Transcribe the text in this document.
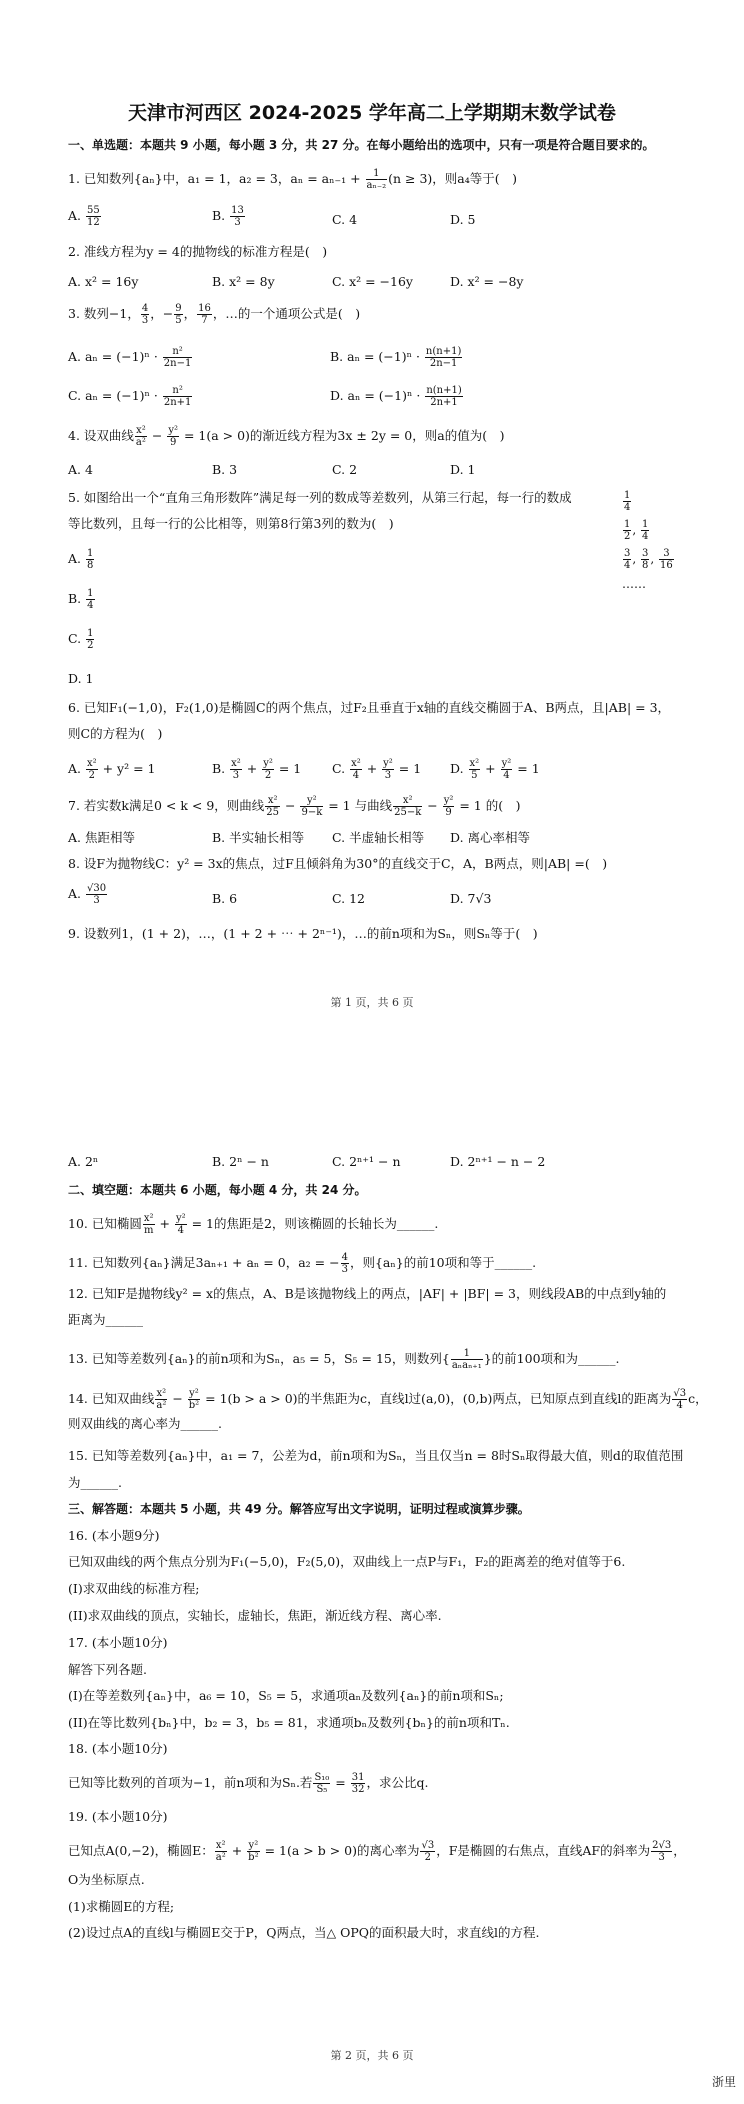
天津市河西区 2024-2025 学年高二上学期期末数学试卷
一、单选题：本题共 9 小题，每小题 3 分，共 27 分。在每小题给出的选项中，只有一项是符合题目要求的。
1. 已知数列{aₙ}中，a₁ = 1，a₂ = 3，$a_n = a_{n-1} + \frac{1}{\text{aₙ₋₂}} (n \ge 3)$，则a₄等于(　)
A. $\frac{55}{12}$	B. $\frac{13}{3}$	C. 4	D. 5
2. 准线方程为y = 4的抛物线的标准方程是(　)
A. x² = 16y	B. x² = 8y	C. x² = −16y	D. x² = −8y
3. 数列−1， $\frac{4}{3}$ ，− $\frac{9}{5}$ ， $\frac{16}{7}$ ，…的一个通项公式是(　)
A. $a_n = (-1)^n \cdot \frac{\text{n²}}{2n-1}$	B. $a_n = (-1)^n \cdot \frac{n(n+1)}{2n-1}$
C. $a_n = (-1)^n \cdot \frac{\text{n²}}{2n+1}$	D. $a_n = (-1)^n \cdot \frac{n(n+1)}{2n+1}$
4. 设双曲线 $\frac{\text{x²}}{\text{a²}} - \frac{\text{y²}}{9} = 1(a > 0)$的渐近线方程为3x ± 2y = 0，则a的值为(　)
A. 4	B. 3	C. 2	D. 1
5. 如图给出一个“直角三角形数阵”满足每一列的数成等差数列，从第三行起，每一行的数成
等比数列，且每一行的公比相等，则第8行第3列的数为(　)
A. $\frac{1}{8}$
B. $\frac{1}{4}$
C. $\frac{1}{2}$
D. 1
$\frac{1}{4}$
$\frac{1}{2}$ , $\frac{1}{4}$
$\frac{3}{4}$ , $\frac{3}{8}$ , $\frac{3}{16}$
……
6. 已知F₁(−1,0)，F₂(1,0)是椭圆C的两个焦点，过F₂且垂直于x轴的直线交椭圆于A、B两点，且|AB| = 3，
则C的方程为(　)
A. $\frac{\text{x²}}{2} + y^2 = 1$	B. $\frac{\text{x²}}{3} + \frac{\text{y²}}{2} = 1$ C. $\frac{\text{x²}}{4} + \frac{\text{y²}}{3} = 1$ D. $\frac{\text{x²}}{5} + \frac{\text{y²}}{4} = 1$
7. 若实数k满足0 < k < 9，则曲线 $\frac{\text{x²}}{25} - \frac{\text{y²}}{9-k} = 1$ 与曲线 $\frac{\text{x²}}{25-k} - \frac{\text{y²}}{9} = 1$ 的(　)
A. 焦距相等	B. 半实轴长相等 C. 半虚轴长相等 D. 离心率相等
8. 设F为抛物线C：y² = 3x的焦点，过F且倾斜角为30°的直线交于C，A，B两点，则|AB| =(　)
A. $\frac{√30}{3}$	B. 6	C. 12	D. 7√3
9. 设数列1，(1 + 2)，…，(1 + 2 + ⋯ + 2ⁿ⁻¹)，…的前n项和为Sₙ，则Sₙ等于(　)
第 1 页，共 6 页
A. 2ⁿ	B. 2ⁿ − n	C. 2ⁿ⁺¹ − n	D. 2ⁿ⁺¹ − n − 2
二、填空题：本题共 6 小题，每小题 4 分，共 24 分。
10. 已知椭圆 $\frac{\text{x²}}{m} + \frac{\text{y²}}{4} = 1$的焦距是2，则该椭圆的长轴长为______.
11. 已知数列{aₙ}满足3aₙ₊₁ + aₙ = 0，a₂ = − $\frac{4}{3}$ ，则{aₙ}的前10项和等于______.
12. 已知F是抛物线y² = x的焦点，A、B是该抛物线上的两点，|AF| + |BF| = 3，则线段AB的中点到y轴的
距离为______
13. 已知等差数列{aₙ}的前n项和为Sₙ，a₅ = 5，S₅ = 15，则数列{ $\frac{1}{\text{aₙaₙ₊₁}}$ }的前100项和为______.
14. 已知双曲线 $\frac{\text{x²}}{\text{a²}} - \frac{\text{y²}}{\text{b²}} = 1(b > a > 0)$的半焦距为c，直线l过(a,0)，(0,b)两点，已知原点到直线l的距离为 $\frac{√3}{4}$ c，
则双曲线的离心率为______.
15. 已知等差数列{aₙ}中，a₁ = 7，公差为d，前n项和为Sₙ，当且仅当n = 8时Sₙ取得最大值，则d的取值范围
为______.
三、解答题：本题共 5 小题，共 49 分。解答应写出文字说明，证明过程或演算步骤。
16. (本小题9分)
已知双曲线的两个焦点分别为F₁(−5,0)，F₂(5,0)，双曲线上一点P与F₁，F₂的距离差的绝对值等于6.
(I)求双曲线的标准方程;
(II)求双曲线的顶点，实轴长，虚轴长，焦距，渐近线方程、离心率.
17. (本小题10分)
解答下列各题.
(I)在等差数列{aₙ}中，a₆ = 10，S₅ = 5，求通项aₙ及数列{aₙ}的前n项和Sₙ;
(II)在等比数列{bₙ}中，b₂ = 3，b₅ = 81，求通项bₙ及数列{bₙ}的前n项和Tₙ.
18. (本小题10分)
已知等比数列的首项为−1，前n项和为Sₙ.若 $\frac{\text{S₁₀}}{\text{S₅}} = \frac{31}{32}$ ，求公比q.
19. (本小题10分)
已知点A(0,−2)，椭圆E： $\frac{\text{x²}}{\text{a²}} + \frac{\text{y²}}{\text{b²}} = 1(a > b > 0)$的离心率为 $\frac{√3}{2}$ ，F是椭圆的右焦点，直线AF的斜率为 $\frac{2√3}{3}$ ，
O为坐标原点.
(1)求椭圆E的方程;
(2)设过点A的直线l与椭圆E交于P，Q两点，当△ OPQ的面积最大时，求直线l的方程.
第 2 页，共 6 页
浙里
